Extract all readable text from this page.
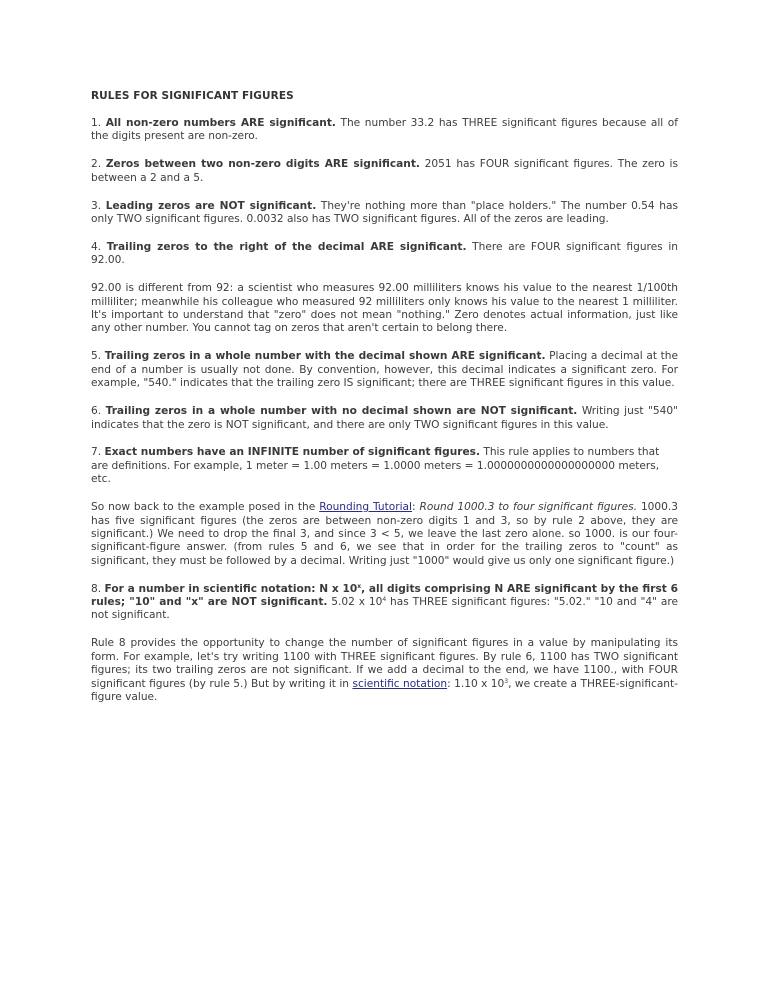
RULES FOR SIGNIFICANT FIGURES

1. All non-zero numbers ARE significant. The number 33.2 has THREE significant figures because all of the digits present are non-zero.

2. Zeros between two non-zero digits ARE significant. 2051 has FOUR significant figures. The zero is between a 2 and a 5.

3. Leading zeros are NOT significant. They're nothing more than "place holders." The number 0.54 has only TWO significant figures. 0.0032 also has TWO significant figures. All of the zeros are leading.

4. Trailing zeros to the right of the decimal ARE significant. There are FOUR significant figures in 92.00.

92.00 is different from 92: a scientist who measures 92.00 milliliters knows his value to the nearest 1/100th milliliter; meanwhile his colleague who measured 92 milliliters only knows his value to the nearest 1 milliliter. It's important to understand that "zero" does not mean "nothing." Zero denotes actual information, just like any other number. You cannot tag on zeros that aren't certain to belong there.

5. Trailing zeros in a whole number with the decimal shown ARE significant. Placing a decimal at the end of a number is usually not done. By convention, however, this decimal indicates a significant zero. For example, "540." indicates that the trailing zero IS significant; there are THREE significant figures in this value.

6. Trailing zeros in a whole number with no decimal shown are NOT significant. Writing just "540" indicates that the zero is NOT significant, and there are only TWO significant figures in this value.

7. Exact numbers have an INFINITE number of significant figures. This rule applies to numbers that are definitions. For example, 1 meter = 1.00 meters = 1.0000 meters = 1.0000000000000000000 meters, etc.

So now back to the example posed in the Rounding Tutorial: Round 1000.3 to four significant figures. 1000.3 has five significant figures (the zeros are between non-zero digits 1 and 3, so by rule 2 above, they are significant.) We need to drop the final 3, and since 3 < 5, we leave the last zero alone. so 1000. is our four-significant-figure answer. (from rules 5 and 6, we see that in order for the trailing zeros to "count" as significant, they must be followed by a decimal. Writing just "1000" would give us only one significant figure.)

8. For a number in scientific notation: N x 10$^x$, all digits comprising N ARE significant by the first 6 rules; "10" and "x" are NOT significant. 5.02 x $10^4$ has THREE significant figures: "5.02." "10 and "4" are not significant.

Rule 8 provides the opportunity to change the number of significant figures in a value by manipulating its form. For example, let's try writing 1100 with THREE significant figures. By rule 6, 1100 has TWO significant figures; its two trailing zeros are not significant. If we add a decimal to the end, we have 1100., with FOUR significant figures (by rule 5.) But by writing it in scientific notation: 1.10 x $10^3$, we create a THREE-significant-figure value.
